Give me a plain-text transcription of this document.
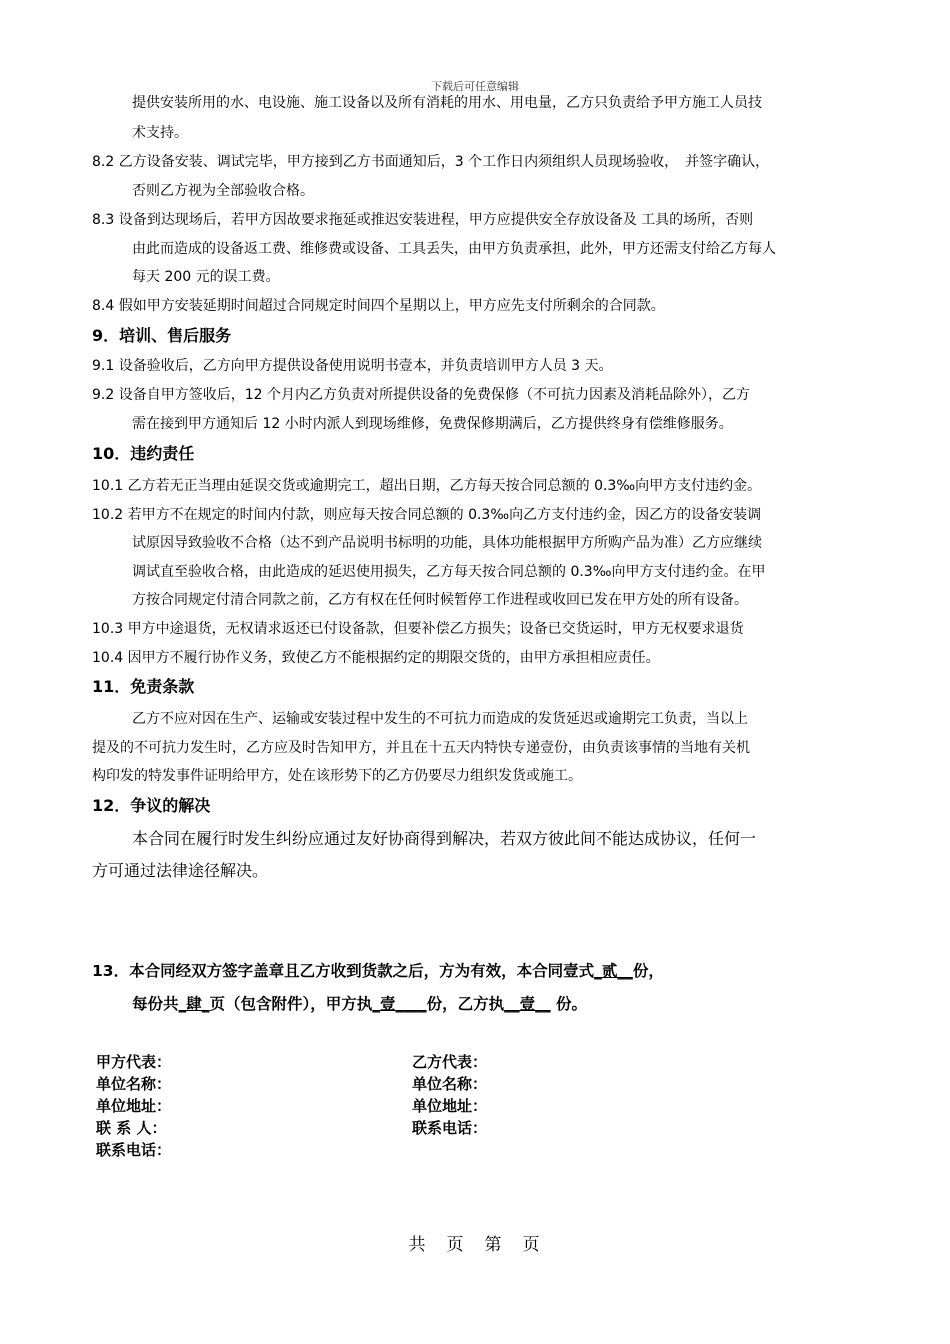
下载后可任意编辑
提供安装所用的水、电设施、施工设备以及所有消耗的用水、用电量，乙方只负责给予甲方施工人员技
术支持。
8.2 乙方设备安装、调试完毕，甲方接到乙方书面通知后，3 个工作日内须组织人员现场验收，　并签字确认，
否则乙方视为全部验收合格。
8.3 设备到达现场后，若甲方因故要求拖延或推迟安装进程，甲方应提供安全存放设备及 工具的场所，否则
由此而造成的设备返工费、维修费或设备、工具丢失，由甲方负责承担，此外，甲方还需支付给乙方每人
每天 200 元的误工费。
8.4 假如甲方安装延期时间超过合同规定时间四个星期以上，甲方应先支付所剩余的合同款。
9．培训、售后服务
9.1 设备验收后，乙方向甲方提供设备使用说明书壹本，并负责培训甲方人员 3 天。
9.2 设备自甲方签收后，12 个月内乙方负责对所提供设备的免费保修（不可抗力因素及消耗品除外），乙方
需在接到甲方通知后 12 小时内派人到现场维修，免费保修期满后，乙方提供终身有偿维修服务。
10．违约责任
10.1 乙方若无正当理由延误交货或逾期完工，超出日期，乙方每天按合同总额的 0.3‰向甲方支付违约金。
10.2 若甲方不在规定的时间内付款，则应每天按合同总额的 0.3‰向乙方支付违约金，因乙方的设备安装调
试原因导致验收不合格（达不到产品说明书标明的功能，具体功能根据甲方所购产品为准）乙方应继续
调试直至验收合格，由此造成的延迟使用损失，乙方每天按合同总额的 0.3‰向甲方支付违约金。在甲
方按合同规定付清合同款之前，乙方有权在任何时候暂停工作进程或收回已发在甲方处的所有设备。
10.3 甲方中途退货，无权请求返还已付设备款，但要补偿乙方损失；设备已交货运时，甲方无权要求退货
10.4 因甲方不履行协作义务，致使乙方不能根据约定的期限交货的，由甲方承担相应责任。
11．免责条款
乙方不应对因在生产、运输或安装过程中发生的不可抗力而造成的发货延迟或逾期完工负责，当以上
提及的不可抗力发生时，乙方应及时告知甲方，并且在十五天内特快专递壹份，由负责该事情的当地有关机
构印发的特发事件证明给甲方，处在该形势下的乙方仍要尽力组织发货或施工。
12．争议的解决
本合同在履行时发生纠纷应通过友好协商得到解决，若双方彼此间不能达成协议，任何一
方可通过法律途径解决。
13．本合同经双方签字盖章且乙方收到货款之后，方为有效，本合同壹式_贰__份，
每份共_肆_页（包含附件），甲方执_壹____份，乙方执__壹__ 份。
甲方代表：
单位名称：
单位地址：
联 系 人：
联系电话：
乙方代表：
单位名称：
单位地址：
联系电话：
共　页　第　页
